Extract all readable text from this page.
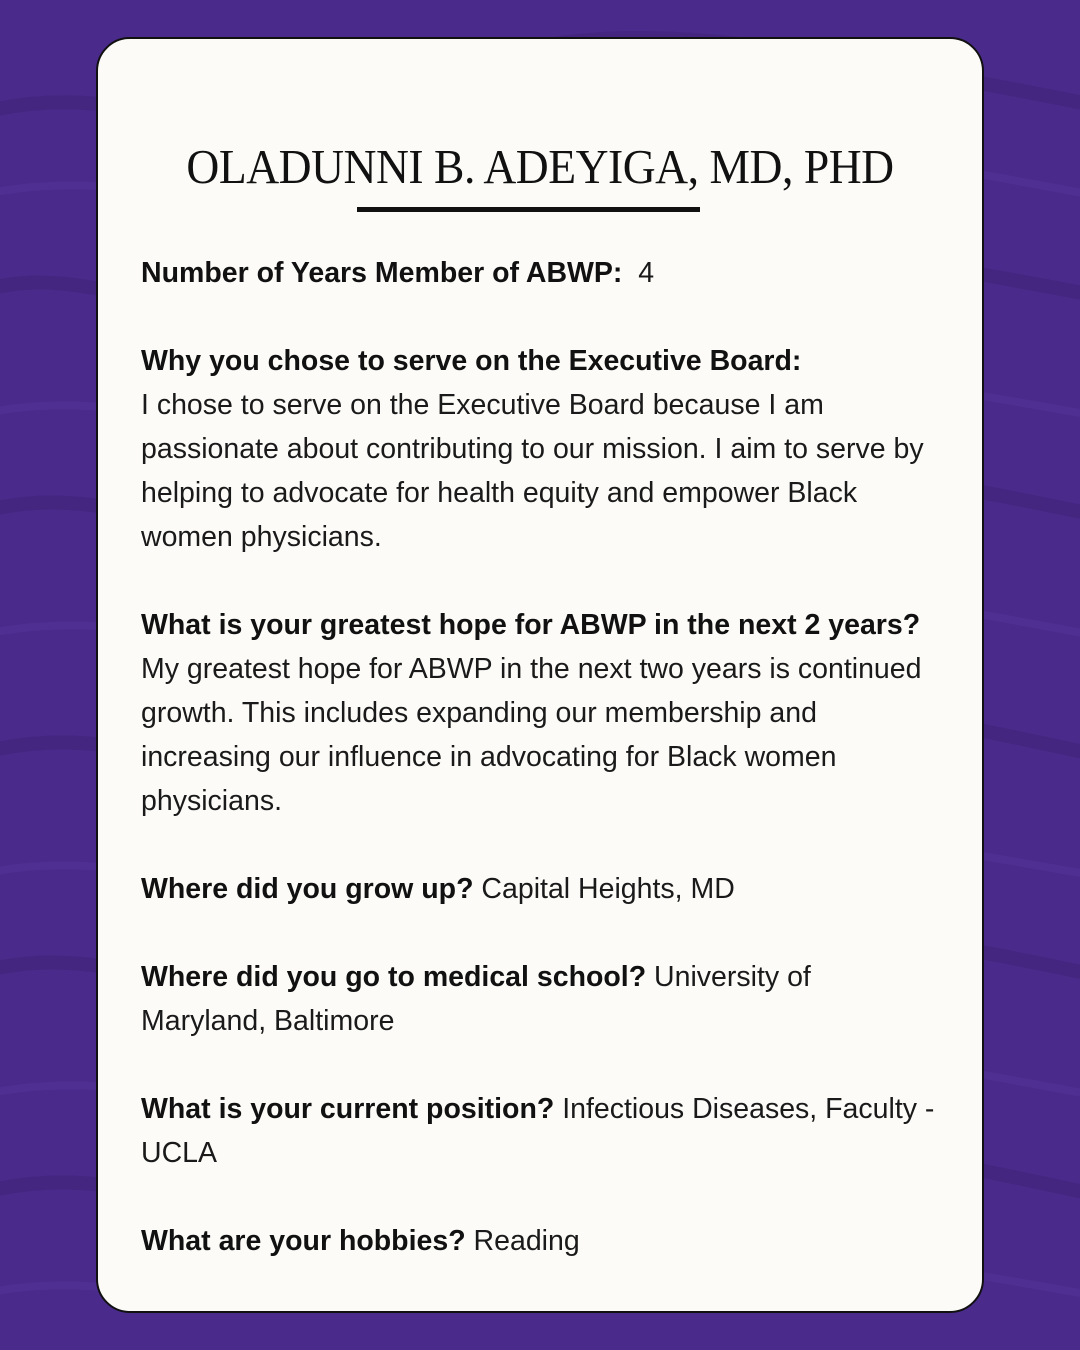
OLADUNNI B. ADEYIGA, MD, PHD

Number of Years Member of ABWP: 4

Why you chose to serve on the Executive Board:
I chose to serve on the Executive Board because I am passionate about contributing to our mission. I aim to serve by helping to advocate for health equity and empower Black women physicians.

What is your greatest hope for ABWP in the next 2 years? My greatest hope for ABWP in the next two years is continued growth. This includes expanding our membership and increasing our influence in advocating for Black women physicians.

Where did you grow up? Capital Heights, MD

Where did you go to medical school? University of Maryland, Baltimore

What is your current position? Infectious Diseases, Faculty - UCLA

What are your hobbies? Reading
